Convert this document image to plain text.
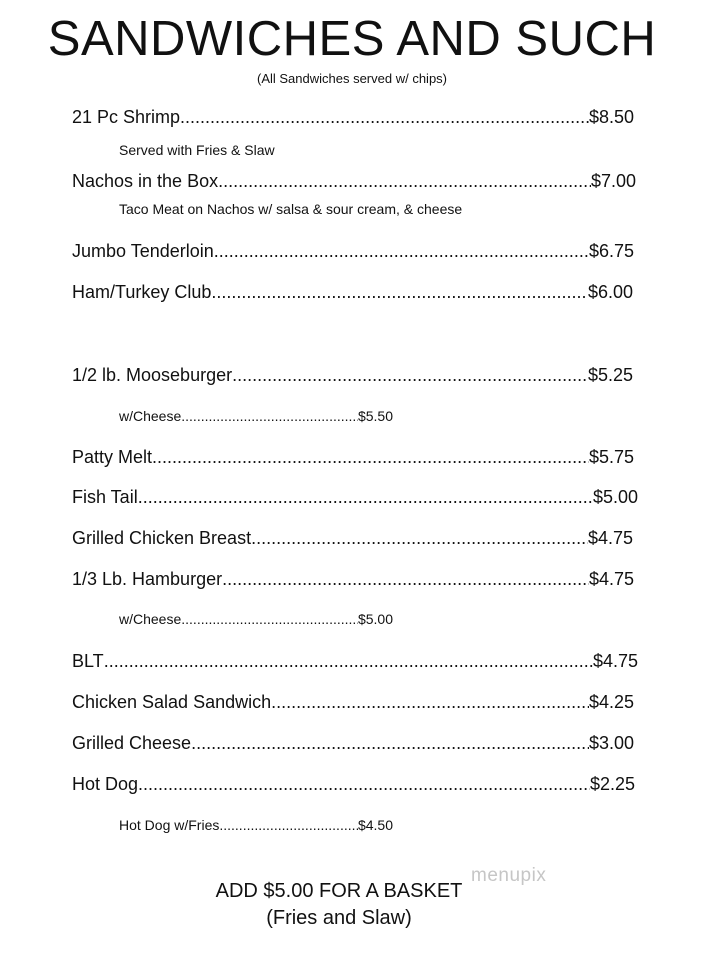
SANDWICHES AND SUCH
(All Sandwiches served w/ chips)
21 Pc Shrimp .....	$8.50
Served with Fries & Slaw
Nachos in the Box .....	$7.00
Taco Meat on Nachos w/ salsa & sour cream, & cheese
Jumbo Tenderloin .....	$6.75
Ham/Turkey Club .....	$6.00
1/2 lb. Mooseburger .....	$5.25
w/Cheese .....	$5.50
Patty Melt .....	$5.75
Fish Tail .....	$5.00
Grilled Chicken Breast .....	$4.75
1/3 Lb. Hamburger .....	$4.75
w/Cheese .....	$5.00
BLT .....	$4.75
Chicken Salad Sandwich .....	$4.25
Grilled Cheese .....	$3.00
Hot Dog .....	$2.25
Hot Dog w/Fries .....	$4.50
ADD $5.00 FOR A BASKET
(Fries and Slaw)
menupix
